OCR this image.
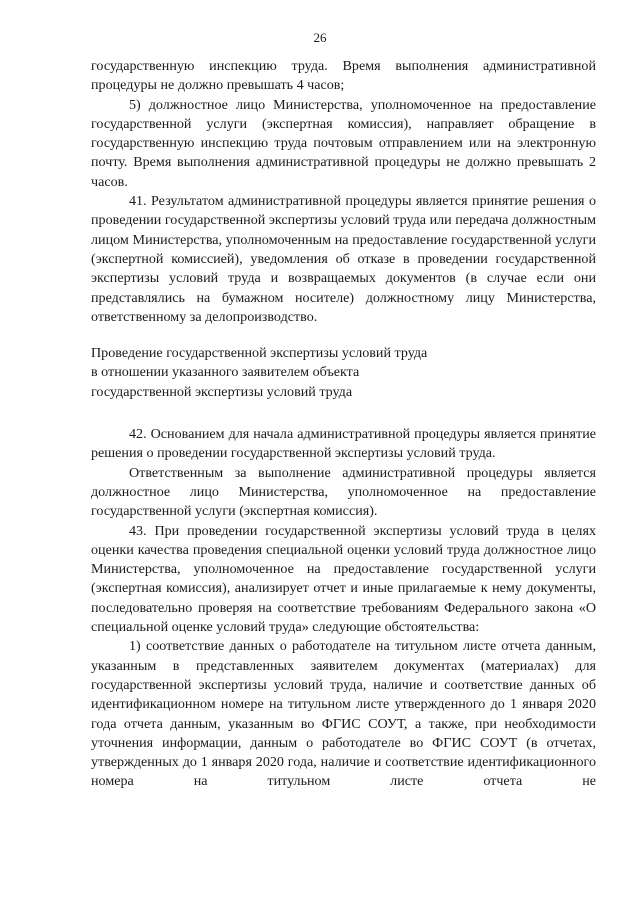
26

государственную инспекцию труда. Время выполнения административной процедуры не должно превышать 4 часов;

5) должностное лицо Министерства, уполномоченное на предоставление государственной услуги (экспертная комиссия), направляет обращение в государственную инспекцию труда почтовым отправлением или на электронную почту. Время выполнения административной процедуры не должно превышать 2 часов.

41. Результатом административной процедуры является принятие решения о проведении государственной экспертизы условий труда или передача должностным лицом Министерства, уполномоченным на предоставление государственной услуги (экспертной комиссией), уведомления об отказе в проведении государственной экспертизы условий труда и возвращаемых документов (в случае если они представлялись на бумажном носителе) должностному лицу Министерства, ответственному за делопроизводство.

Проведение государственной экспертизы условий труда
в отношении указанного заявителем объекта
государственной экспертизы условий труда

42. Основанием для начала административной процедуры является принятие решения о проведении государственной экспертизы условий труда.

Ответственным за выполнение административной процедуры является должностное лицо Министерства, уполномоченное на предоставление государственной услуги (экспертная комиссия).

43. При проведении государственной экспертизы условий труда в целях оценки качества проведения специальной оценки условий труда должностное лицо Министерства, уполномоченное на предоставление государственной услуги (экспертная комиссия), анализирует отчет и иные прилагаемые к нему документы, последовательно проверяя на соответствие требованиям Федерального закона «О специальной оценке условий труда» следующие обстоятельства:

1) соответствие данных о работодателе на титульном листе отчета данным, указанным в представленных заявителем документах (материалах) для государственной экспертизы условий труда, наличие и соответствие данных об идентификационном номере на титульном листе утвержденного до 1 января 2020 года отчета данным, указанным во ФГИС СОУТ, а также, при необходимости уточнения информации, данным о работодателе во ФГИС СОУТ (в отчетах, утвержденных до 1 января 2020 года, наличие и соответствие идентификационного номера на титульном листе отчета не
